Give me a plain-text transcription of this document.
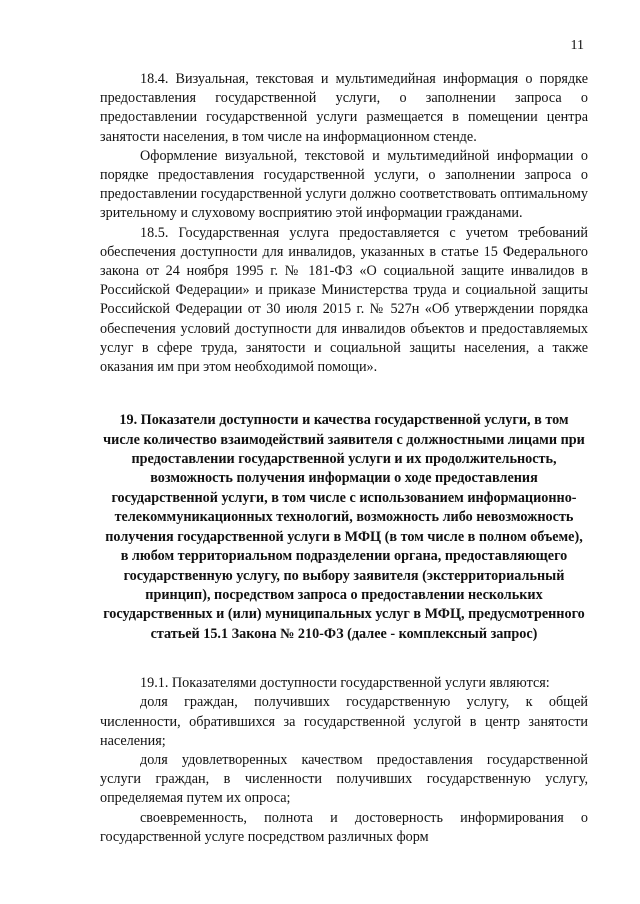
11

18.4. Визуальная, текстовая и мультимедийная информация о порядке предоставления государственной услуги, о заполнении запроса о предоставлении государственной услуги размещается в помещении центра занятости населения, в том числе на информационном стенде.

Оформление визуальной, текстовой и мультимедийной информации о порядке предоставления государственной услуги, о заполнении запроса о предоставлении государственной услуги должно соответствовать оптимальному зрительному и слуховому восприятию этой информации гражданами.

18.5. Государственная услуга предоставляется с учетом требований обеспечения доступности для инвалидов, указанных в статье 15 Федерального закона от 24 ноября 1995 г. № 181-ФЗ «О социальной защите инвалидов в Российской Федерации» и приказе Министерства труда и социальной защиты Российской Федерации от 30 июля 2015 г. № 527н «Об утверждении порядка обеспечения условий доступности для инвалидов объектов и предоставляемых услуг в сфере труда, занятости и социальной защиты населения, а также оказания им при этом необходимой помощи».

19. Показатели доступности и качества государственной услуги, в том числе количество взаимодействий заявителя с должностными лицами при предоставлении государственной услуги и их продолжительность, возможность получения информации о ходе предоставления государственной услуги, в том числе с использованием информационно-телекоммуникационных технологий, возможность либо невозможность получения государственной услуги в МФЦ (в том числе в полном объеме), в любом территориальном подразделении органа, предоставляющего государственную услугу, по выбору заявителя (экстерриториальный принцип), посредством запроса о предоставлении нескольких государственных и (или) муниципальных услуг в МФЦ, предусмотренного статьей 15.1 Закона № 210-ФЗ (далее - комплексный запрос)

19.1. Показателями доступности государственной услуги являются:

доля граждан, получивших государственную услугу, к общей численности, обратившихся за государственной услугой в центр занятости населения;

доля удовлетворенных качеством предоставления государственной услуги граждан, в численности получивших государственную услугу, определяемая путем их опроса;

своевременность, полнота и достоверность информирования о государственной услуге посредством различных форм
